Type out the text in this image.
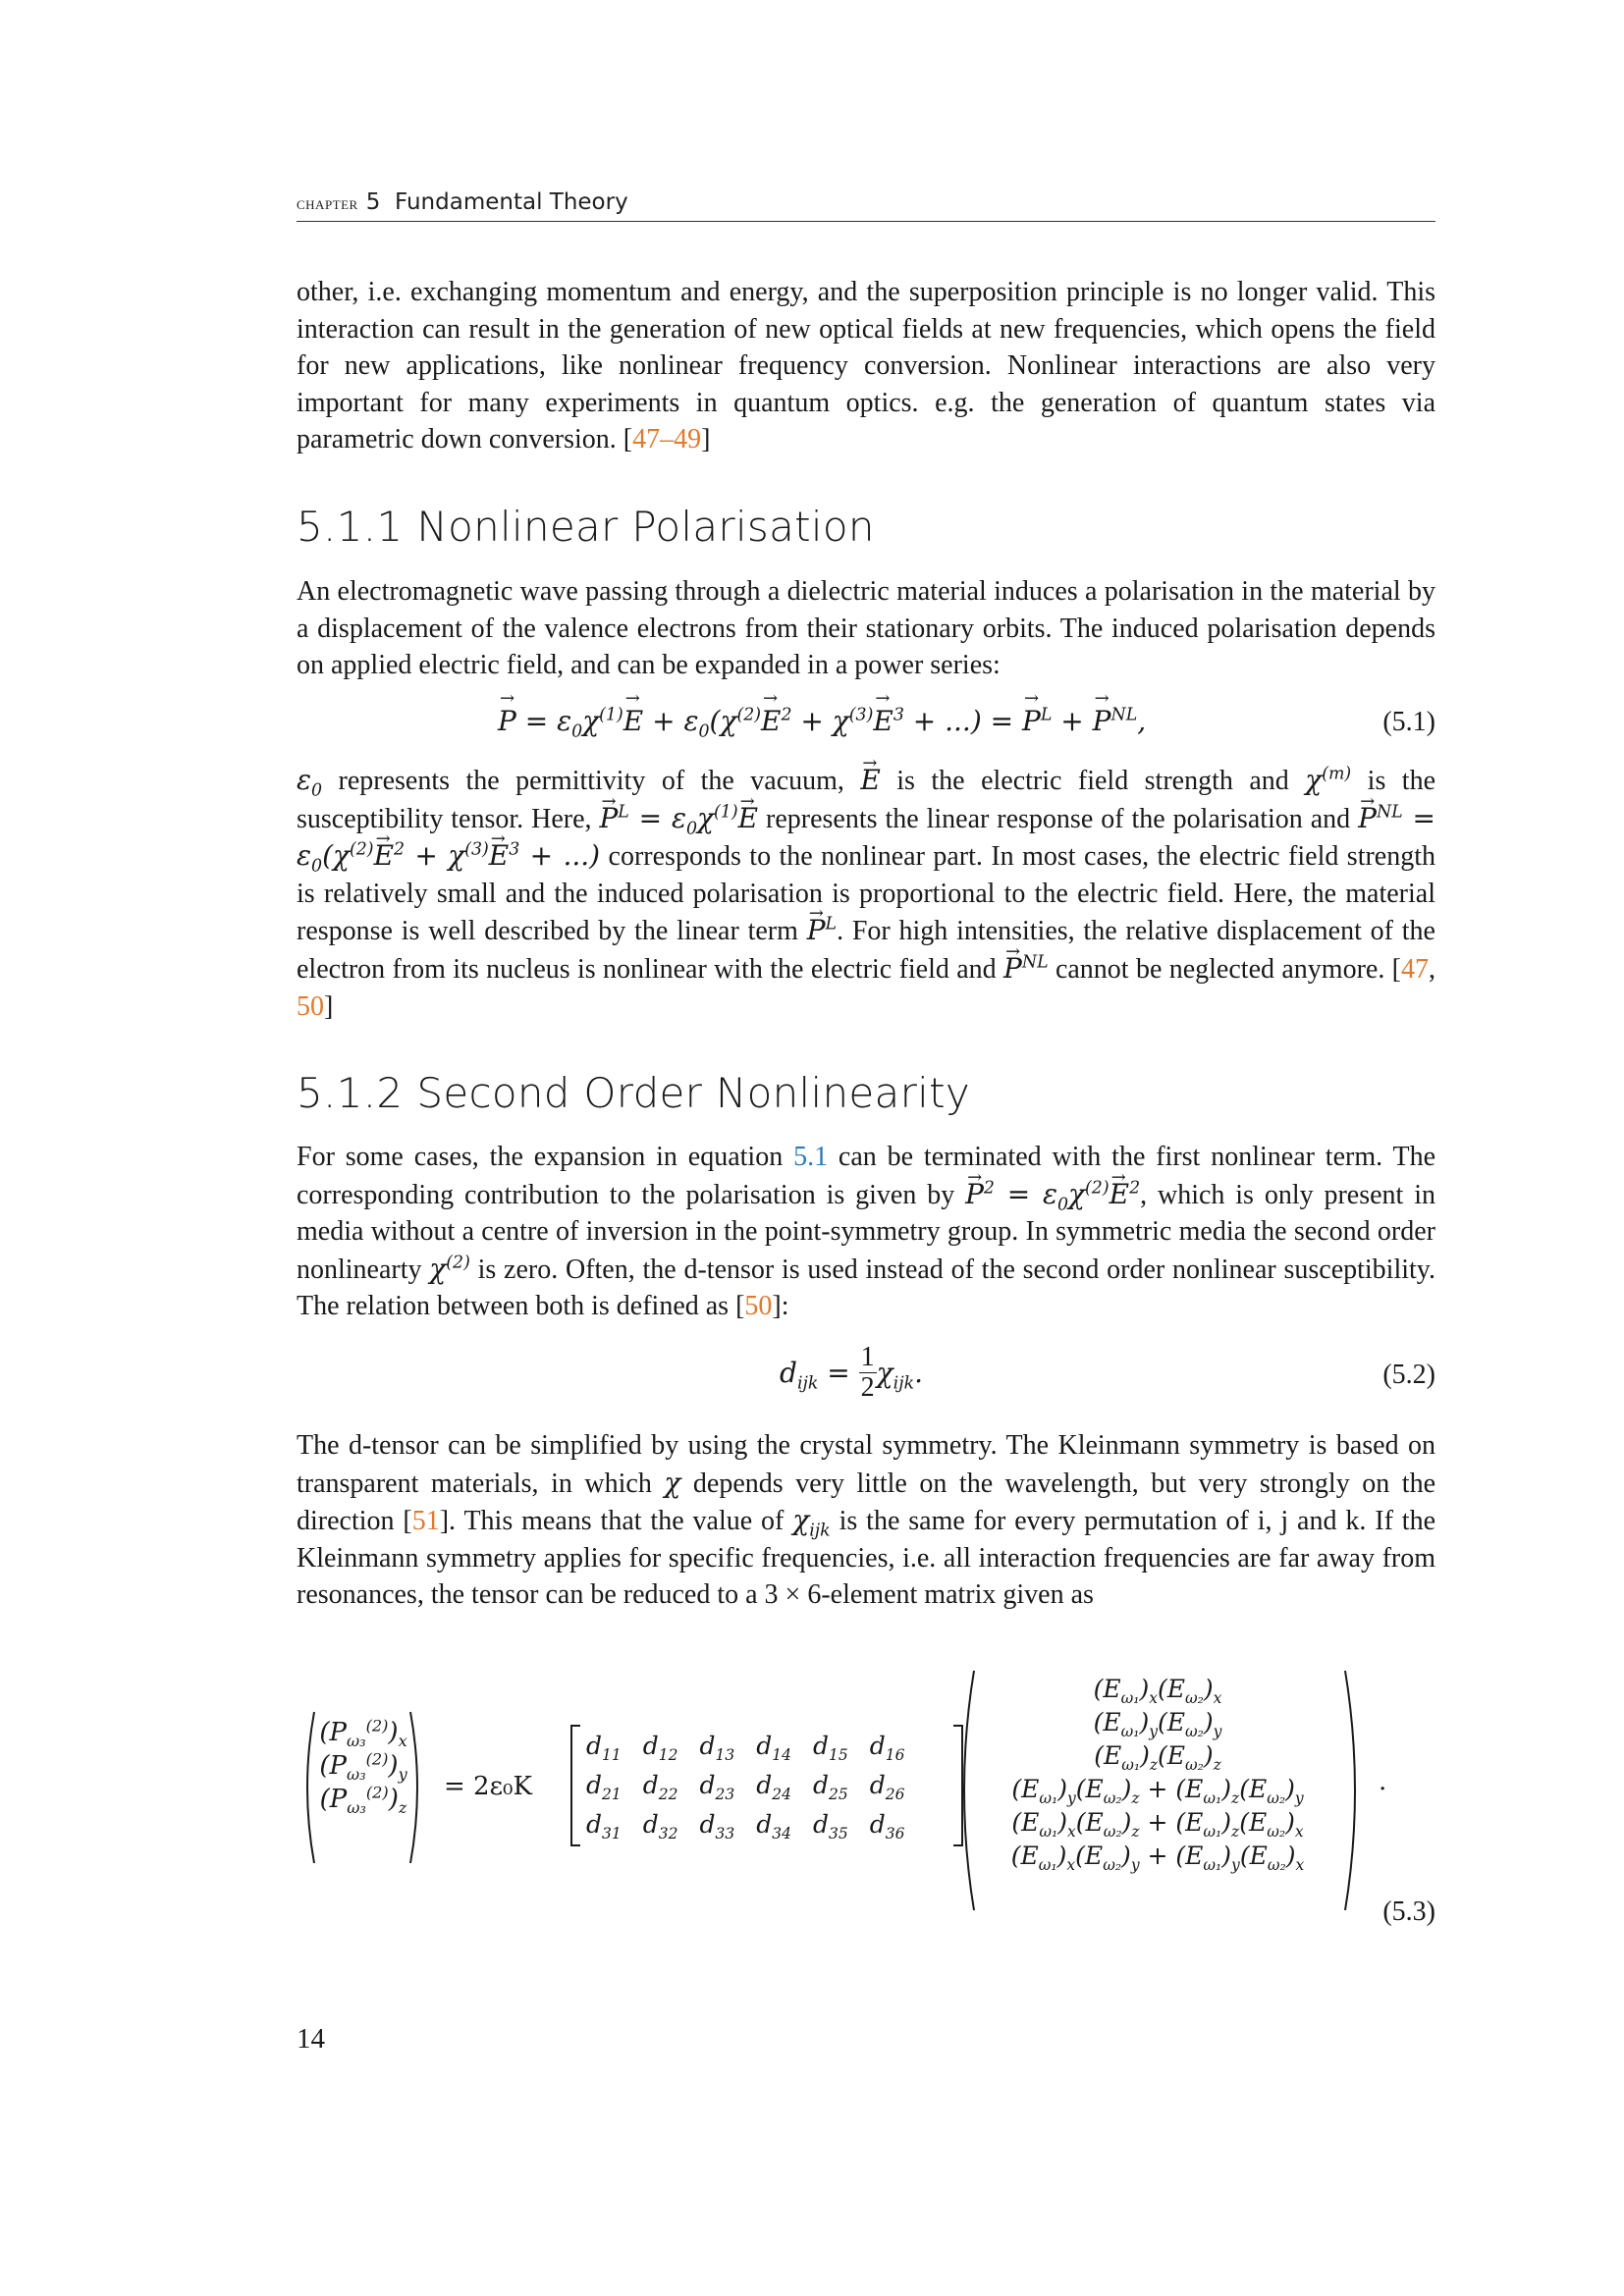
chapter 5 Fundamental Theory
other, i.e. exchanging momentum and energy, and the superposition principle is no longer valid. This interaction can result in the generation of new optical fields at new frequencies, which opens the field for new applications, like nonlinear frequency conversion. Nonlinear interactions are also very important for many experiments in quantum optics. e.g. the generation of quantum states via parametric down conversion. [47–49]
5.1.1 Nonlinear Polarisation
An electromagnetic wave passing through a dielectric material induces a polarisation in the material by a displacement of the valence electrons from their stationary orbits. The induced polarisation depends on applied electric field, and can be expanded in a power series:
→ $P = \varepsilon_0\chi^{(1)}\to E + \varepsilon_0(\chi^{(2)}\to E^2 + \chi^{(3)}\to E^3$ + ...) = → $P^L$ + → $P^{NL}$,	(5.1)
$\varepsilon_0$ represents the permittivity of the vacuum, → E is the electric field strength and $\chi^{(m)}$ is the susceptibility tensor. Here, → $P^L = \varepsilon_0\chi^{(1)}\to E$ represents the linear response of the polarisation and → $P^{NL} = \varepsilon_0(\chi^{(2)}\to E^2 + \chi^{(3)}\to E^3$ + ...) corresponds to the nonlinear part. In most cases, the electric field strength is relatively small and the induced polarisation is proportional to the electric field. Here, the material response is well described by the linear term → $P^L$. For high intensities, the relative displacement of the electron from its nucleus is nonlinear with the electric field and → $P^{NL}$ cannot be neglected anymore. [47, 50]
5.1.2 Second Order Nonlinearity
For some cases, the expansion in equation 5.1 can be terminated with the first nonlinear term. The corresponding contribution to the polarisation is given by → $P^2 = \varepsilon_0\chi^{(2)}\to E^2$, which is only present in media without a centre of inversion in the point-symmetry group. In symmetric media the second order nonlinearty $\chi^{(2)}$ is zero. Often, the d-tensor is used instead of the second order nonlinear susceptibility. The relation between both is defined as [50]:
$d_{ijk} = \frac{1}{2} \chi_{ijk}$.	(5.2)
The d-tensor can be simplified by using the crystal symmetry. The Kleinmann symmetry is based on transparent materials, in which χ depends very little on the wavelength, but very strongly on the direction [51]. This means that the value of $\chi_{ijk}$ is the same for every permutation of i, j and k. If the Kleinmann symmetry applies for specific frequencies, i.e. all interaction frequencies are far away from resonances, the tensor can be reduced to a 3 × 6-element matrix given as
$(P_{\omega_3}^{(2)})_x$
$(P_{\omega_3}^{(2)})_y$
$(P_{\omega_3}^{(2)})_z$
= 2ε₀K
$d_{11}$	$d_{12}$	$d_{13}$	$d_{14}$	$d_{15}$	$d_{16}$
$d_{21}$	$d_{22}$	$d_{23}$	$d_{24}$	$d_{25}$	$d_{26}$
$d_{31}$	$d_{32}$	$d_{33}$	$d_{34}$	$d_{35}$	$d_{36}$
$(E_{\omega_1})_x(E_{\omega_2})_x$
$(E_{\omega_1})_y(E_{\omega_2})_y$
$(E_{\omega_1})_z(E_{\omega_2})_z$
$(E_{\omega_1})_y(E_{\omega_2})_z + (E_{\omega_1})_z(E_{\omega_2})_y$
$(E_{\omega_1})_x(E_{\omega_2})_z + (E_{\omega_1})_z(E_{\omega_2})_x$
$(E_{\omega_1})_x(E_{\omega_2})_y + (E_{\omega_1})_y(E_{\omega_2})_x$
.
(5.3)
14
